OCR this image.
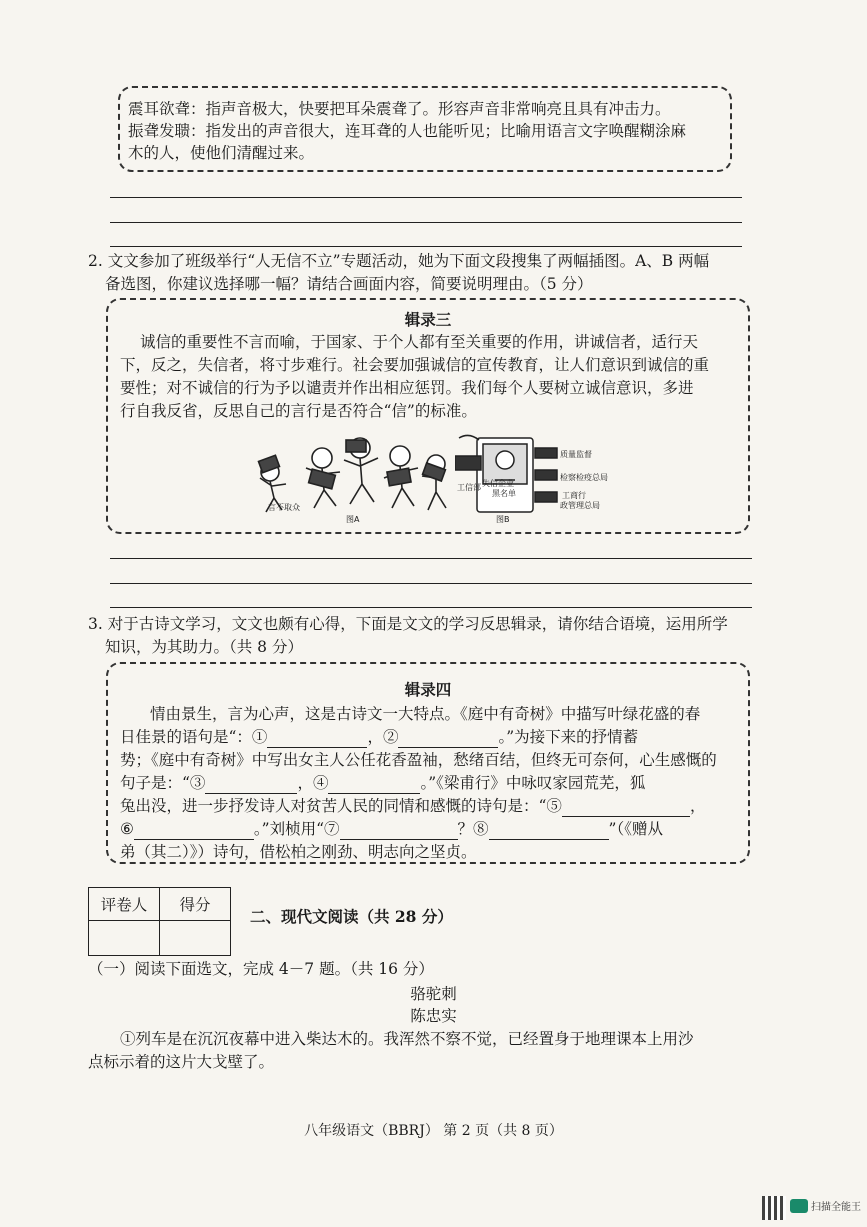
震耳欲聋：指声音极大，快要把耳朵震聋了。形容声音非常响亮且具有冲击力。
振聋发聩：指发出的声音很大，连耳聋的人也能听见；比喻用语言文字唤醒糊涂麻
木的人，使他们清醒过来。
2. 文文参加了班级举行“人无信不立”专题活动，她为下面文段搜集了两幅插图。A、B 两幅
备选图，你建议选择哪一幅？请结合画面内容，简要说明理由。（5 分）
辑录三
诚信的重要性不言而喻，于国家、于个人都有至关重要的作用，讲诚信者，适行天
下，反之，失信者，将寸步难行。社会要加强诚信的宣传教育，让人们意识到诚信的重
要性；对不诚信的行为予以谴责并作出相应惩罚。我们每个人要树立诚信意识，多进
行自我反省，反思自己的言行是否符合“信”的标准。
言不取众
图A
质量监督
检察检疫总局
工商行
政管理总局
工信部 失信企业
黑名单
图B
3. 对于古诗文学习，文文也颇有心得，下面是文文的学习反思辑录，请你结合语境，运用所学
知识，为其助力。（共 8 分）
辑录四
情由景生，言为心声，这是古诗文一大特点。《庭中有奇树》中描写叶绿花盛的春
日佳景的语句是“：①	，②	。”为接下来的抒情蓄
势；《庭中有奇树》中写出女主人公任花香盈袖，愁绪百结，但终无可奈何，心生感慨的
句子是：“③	，④	。”《梁甫行》中咏叹家园荒芜，狐
兔出没，进一步抒发诗人对贫苦人民的同情和感慨的诗句是：“⑤	，
⑥	。”刘桢用“⑦	？⑧	”（《赠从
弟（其二）》）诗句，借松柏之刚劲、明志向之坚贞。
评卷人	得分

二、现代文阅读（共 28 分）
（一）阅读下面选文，完成 4－7 题。（共 16 分）
骆驼刺
陈忠实
①列车是在沉沉夜幕中进入柴达木的。我浑然不察不觉，已经置身于地理课本上用沙
点标示着的这片大戈壁了。
八年级语文（BBRJ） 第 2 页（共 8 页）
扫描全能王
